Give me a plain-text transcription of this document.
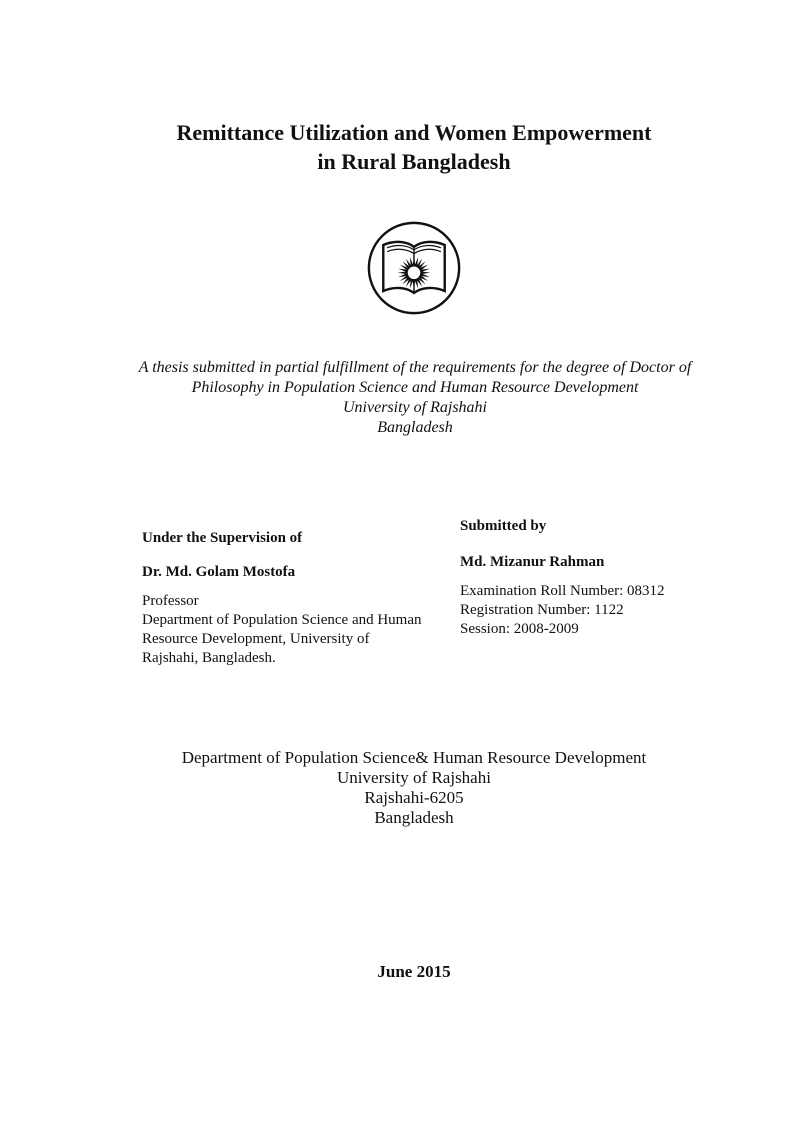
Remittance Utilization and Women Empowerment
in Rural Bangladesh
A thesis submitted in partial fulfillment of the requirements for the degree of Doctor of
Philosophy in Population Science and Human Resource Development
University of Rajshahi
Bangladesh
Under the Supervision of
Dr. Md. Golam Mostofa
Professor
Department of Population Science and Human Resource Development, University of Rajshahi, Bangladesh.
Submitted by
Md. Mizanur Rahman
Examination Roll Number: 08312
Registration Number: 1122
Session: 2008-2009
Department of Population Science& Human Resource Development
University of Rajshahi
Rajshahi-6205
Bangladesh
June 2015
